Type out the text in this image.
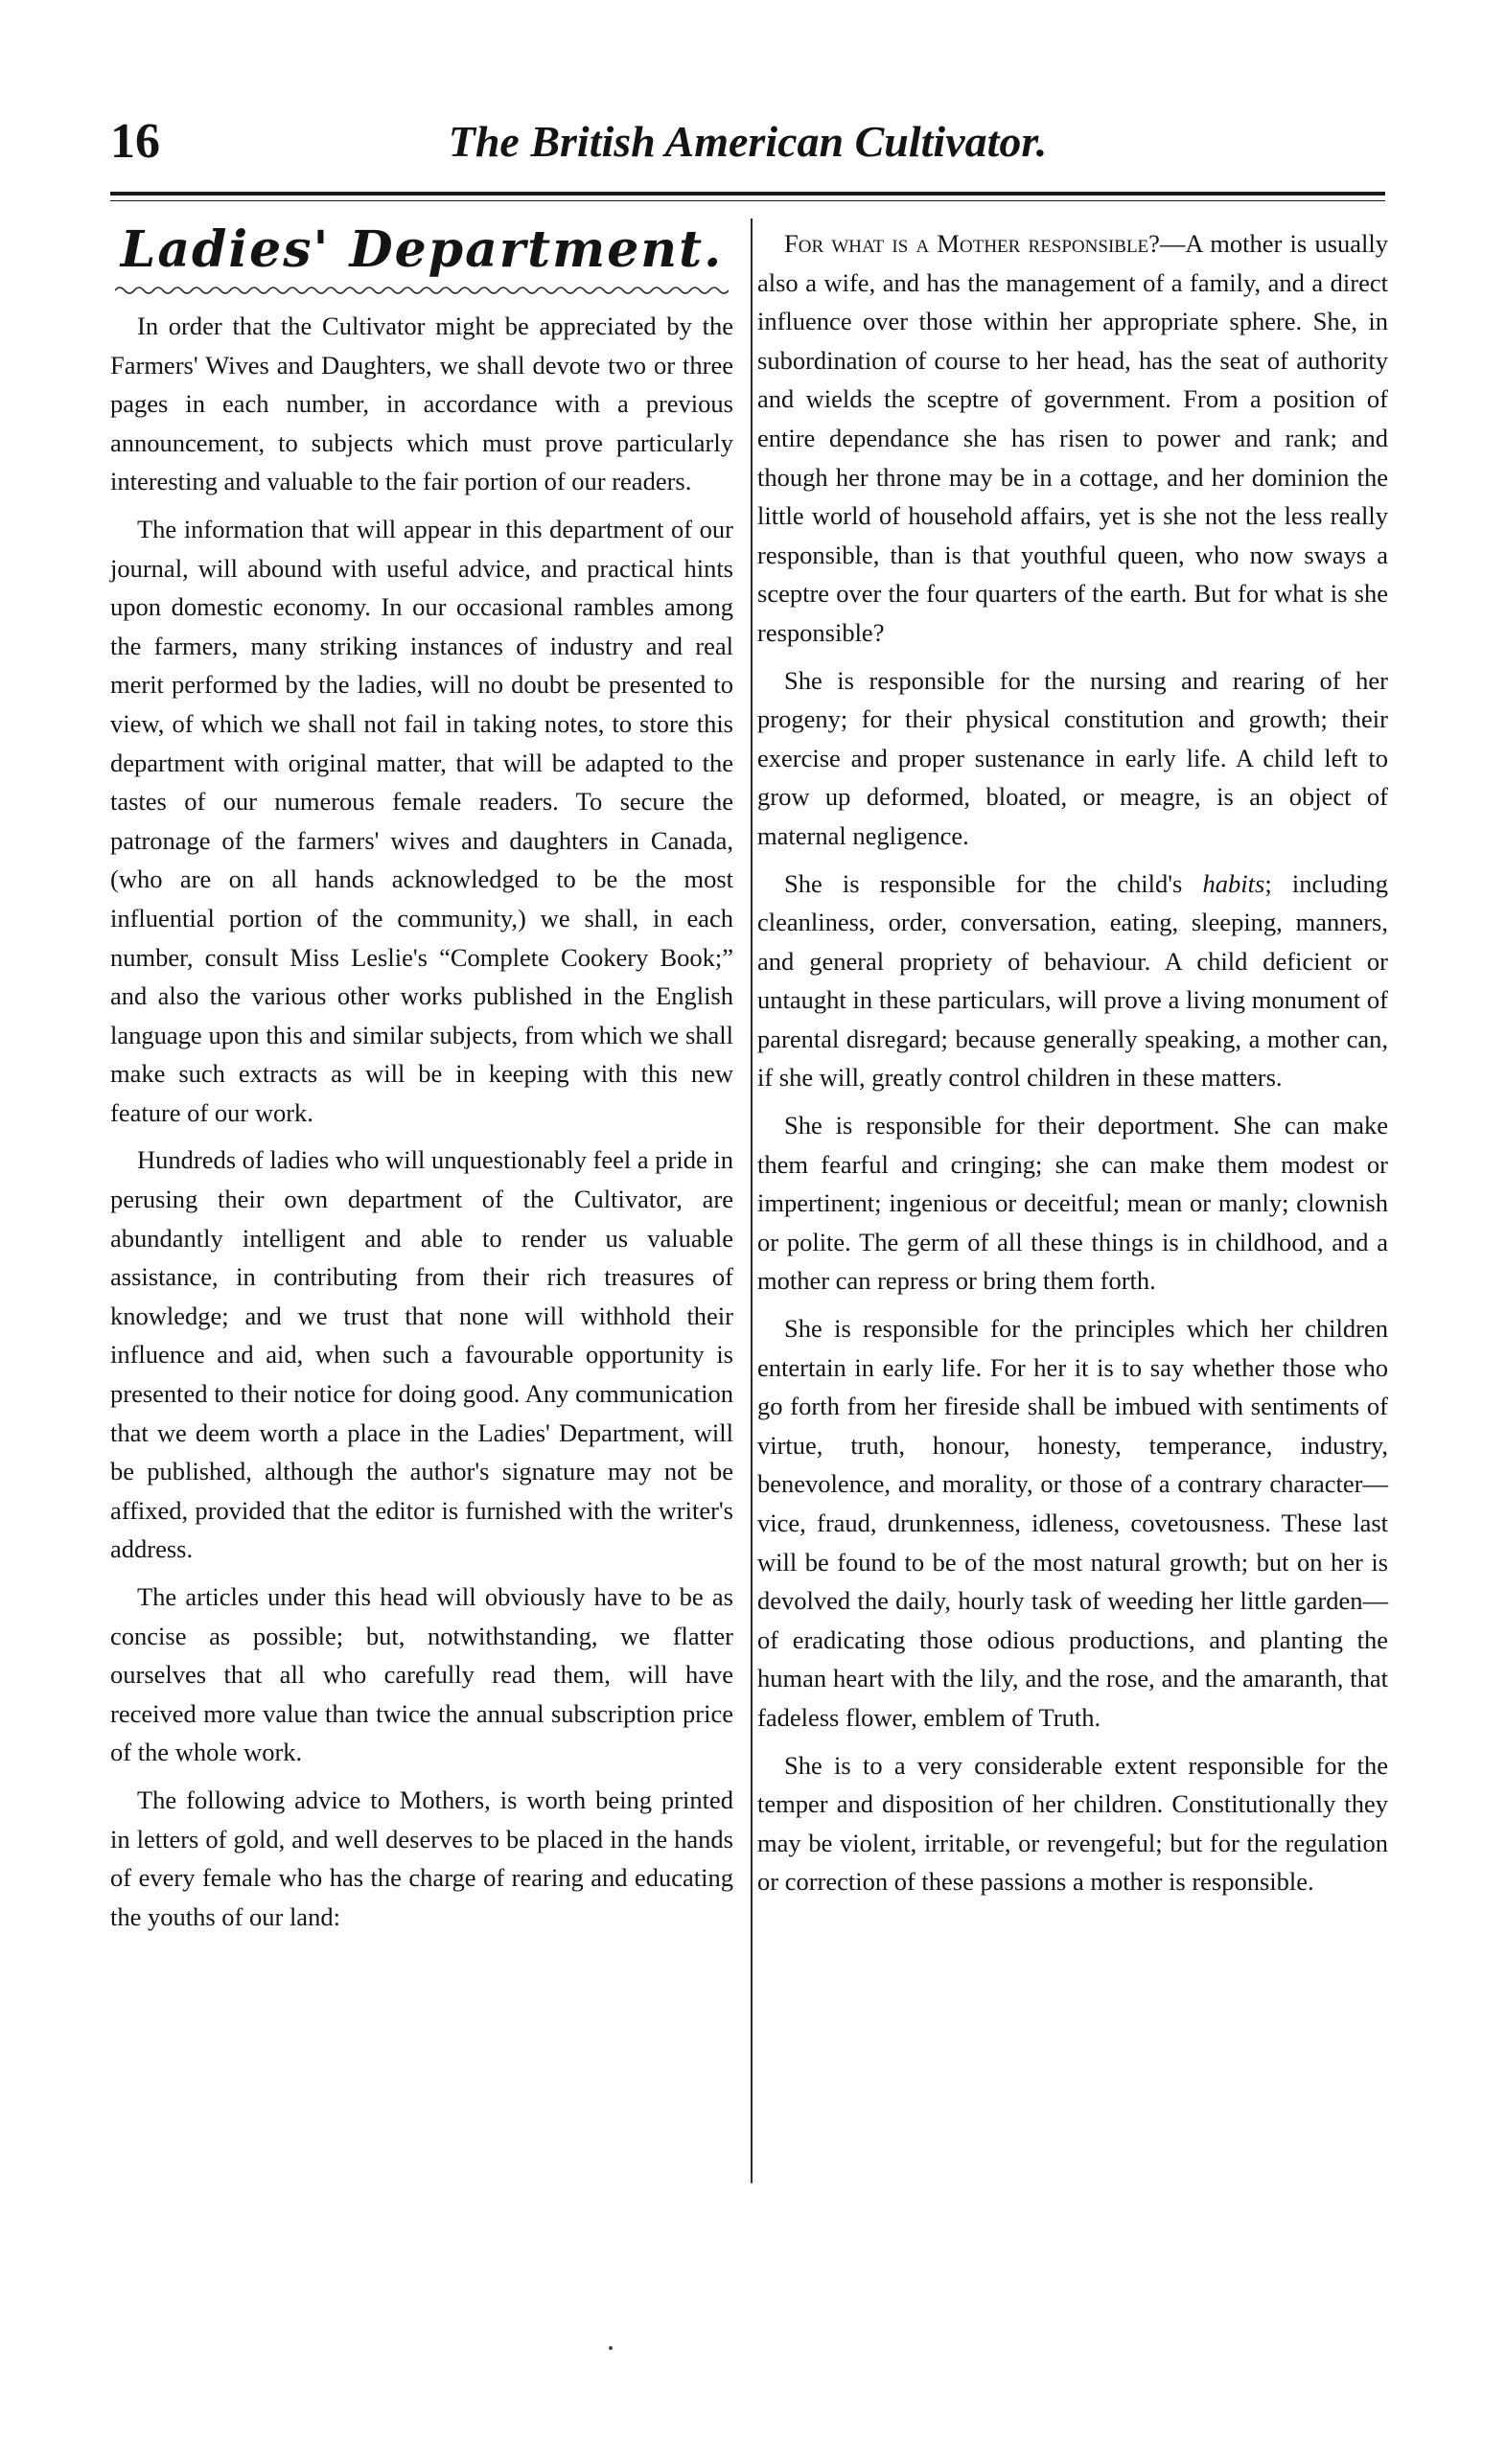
16	The British American Cultivator.
Ladies' Department.

In order that the Cultivator might be appreciated by the Farmers' Wives and Daughters, we shall devote two or three pages in each number, in accordance with a previous announcement, to subjects which must prove particularly interesting and valuable to the fair portion of our readers.

The information that will appear in this department of our journal, will abound with useful advice, and practical hints upon domestic economy. In our occasional rambles among the farmers, many striking instances of industry and real merit performed by the ladies, will no doubt be presented to view, of which we shall not fail in taking notes, to store this department with original matter, that will be adapted to the tastes of our numerous female readers. To secure the patronage of the farmers' wives and daughters in Canada, (who are on all hands acknowledged to be the most influential portion of the community,) we shall, in each number, consult Miss Leslie's “Complete Cookery Book;” and also the various other works published in the English language upon this and similar subjects, from which we shall make such extracts as will be in keeping with this new feature of our work.

Hundreds of ladies who will unquestionably feel a pride in perusing their own department of the Cultivator, are abundantly intelligent and able to render us valuable assistance, in contributing from their rich treasures of knowledge; and we trust that none will withhold their influence and aid, when such a favourable opportunity is presented to their notice for doing good. Any communication that we deem worth a place in the Ladies' Department, will be published, although the author's signature may not be affixed, provided that the editor is furnished with the writer's address.

The articles under this head will obviously have to be as concise as possible; but, notwithstanding, we flatter ourselves that all who carefully read them, will have received more value than twice the annual subscription price of the whole work.

The following advice to Mothers, is worth being printed in letters of gold, and well deserves to be placed in the hands of every female who has the charge of rearing and educating the youths of our land:

For what is a Mother responsible?—A mother is usually also a wife, and has the management of a family, and a direct influence over those within her appropriate sphere. She, in subordination of course to her head, has the seat of authority and wields the sceptre of government. From a position of entire dependance she has risen to power and rank; and though her throne may be in a cottage, and her dominion the little world of household affairs, yet is she not the less really responsible, than is that youthful queen, who now sways a sceptre over the four quarters of the earth. But for what is she responsible?

She is responsible for the nursing and rearing of her progeny; for their physical constitution and growth; their exercise and proper sustenance in early life. A child left to grow up deformed, bloated, or meagre, is an object of maternal negligence.

She is responsible for the child's habits; including cleanliness, order, conversation, eating, sleeping, manners, and general propriety of behaviour. A child deficient or untaught in these particulars, will prove a living monument of parental disregard; because generally speaking, a mother can, if she will, greatly control children in these matters.

She is responsible for their deportment. She can make them fearful and cringing; she can make them modest or impertinent; ingenious or deceitful; mean or manly; clownish or polite. The germ of all these things is in childhood, and a mother can repress or bring them forth.

She is responsible for the principles which her children entertain in early life. For her it is to say whether those who go forth from her fireside shall be imbued with sentiments of virtue, truth, honour, honesty, temperance, industry, benevolence, and morality, or those of a contrary character—vice, fraud, drunkenness, idleness, covetousness. These last will be found to be of the most natural growth; but on her is devolved the daily, hourly task of weeding her little garden—of eradicating those odious productions, and planting the human heart with the lily, and the rose, and the amaranth, that fadeless flower, emblem of Truth.

She is to a very considerable extent responsible for the temper and disposition of her children. Constitutionally they may be violent, irritable, or revengeful; but for the regulation or correction of these passions a mother is responsible.
